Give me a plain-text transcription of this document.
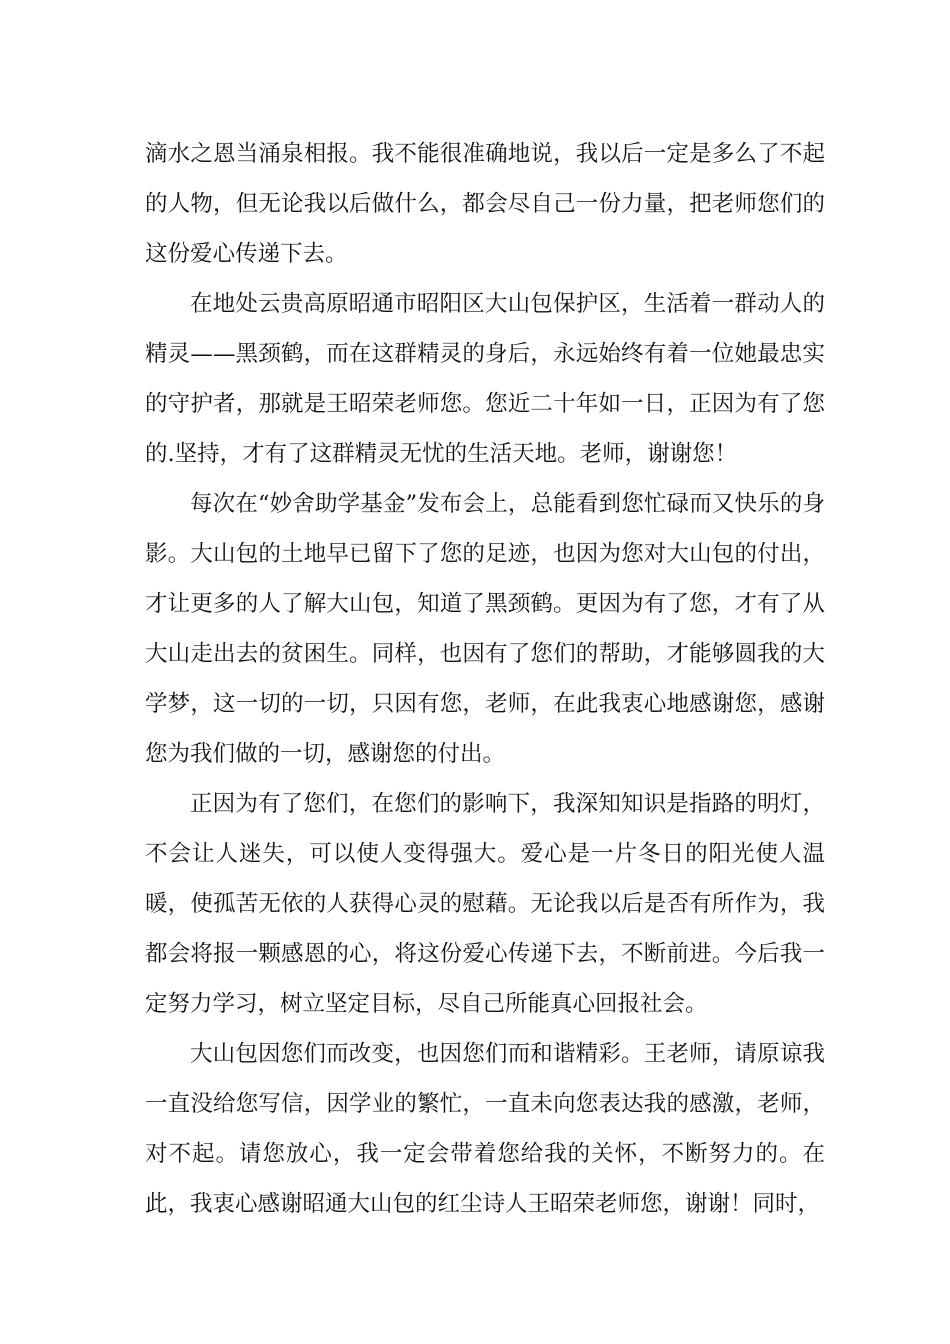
滴水之恩当涌泉相报。我不能很准确地说，我以后一定是多么了不起的人物，但无论我以后做什么，都会尽自己一份力量，把老师您们的这份爱心传递下去。

在地处云贵高原昭通市昭阳区大山包保护区，生活着一群动人的精灵——黑颈鹤，而在这群精灵的身后，永远始终有着一位她最忠实的守护者，那就是王昭荣老师您。您近二十年如一日，正因为有了您的.坚持，才有了这群精灵无忧的生活天地。老师，谢谢您！

每次在“妙舍助学基金”发布会上，总能看到您忙碌而又快乐的身影。大山包的土地早已留下了您的足迹，也因为您对大山包的付出，才让更多的人了解大山包，知道了黑颈鹤。更因为有了您，才有了从大山走出去的贫困生。同样，也因有了您们的帮助，才能够圆我的大学梦，这一切的一切，只因有您，老师，在此我衷心地感谢您，感谢您为我们做的一切，感谢您的付出。

正因为有了您们，在您们的影响下，我深知知识是指路的明灯，不会让人迷失，可以使人变得强大。爱心是一片冬日的阳光使人温暖，使孤苦无依的人获得心灵的慰藉。无论我以后是否有所作为，我都会将报一颗感恩的心，将这份爱心传递下去，不断前进。今后我一定努力学习，树立坚定目标，尽自己所能真心回报社会。

大山包因您们而改变，也因您们而和谐精彩。王老师，请原谅我一直没给您写信，因学业的繁忙，一直未向您表达我的感激，老师，对不起。请您放心，我一定会带着您给我的关怀，不断努力的。在此，我衷心感谢昭通大山包的红尘诗人王昭荣老师您，谢谢！同时，
